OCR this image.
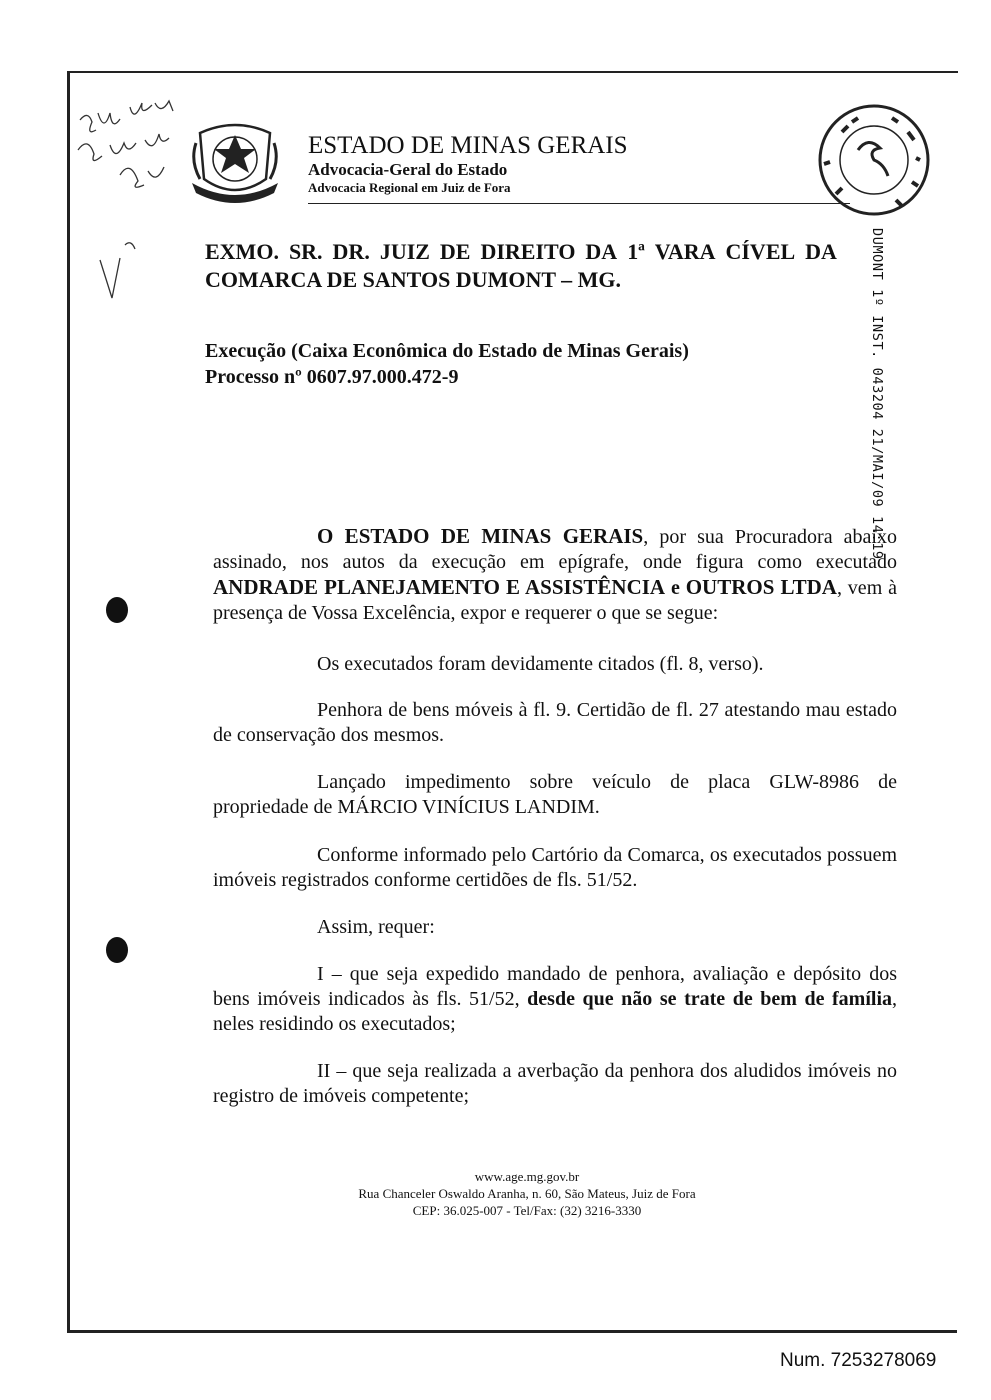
ESTADO DE MINAS GERAIS
Advocacia-Geral do Estado
Advocacia Regional em Juiz de Fora
DUMONT 1º INST. 043204 21/MAI/09 14:19
EXMO. SR. DR. JUIZ DE DIREITO DA 1ª VARA CÍVEL DA
COMARCA DE SANTOS DUMONT – MG.
Execução (Caixa Econômica do Estado de Minas Gerais)
Processo nº 0607.97.000.472-9
O ESTADO DE MINAS GERAIS, por sua Procuradora abaixo assinado, nos autos da execução em epígrafe, onde figura como executado ANDRADE PLANEJAMENTO E ASSISTÊNCIA e OUTROS LTDA, vem à presença de Vossa Excelência, expor e requerer o que se segue:
Os executados foram devidamente citados (fl. 8, verso).
Penhora de bens móveis à fl. 9. Certidão de fl. 27 atestando mau estado de conservação dos mesmos.
Lançado impedimento sobre veículo de placa GLW-8986 de propriedade de MÁRCIO VINÍCIUS LANDIM.
Conforme informado pelo Cartório da Comarca, os executados possuem imóveis registrados conforme certidões de fls. 51/52.
Assim, requer:
I – que seja expedido mandado de penhora, avaliação e depósito dos bens imóveis indicados às fls. 51/52, desde que não se trate de bem de família, neles residindo os executados;
II – que seja realizada a averbação da penhora dos aludidos imóveis no registro de imóveis competente;
www.age.mg.gov.br
Rua Chanceler Oswaldo Aranha, n. 60, São Mateus, Juiz de Fora
CEP: 36.025-007 - Tel/Fax: (32) 3216-3330
Num. 7253278069
